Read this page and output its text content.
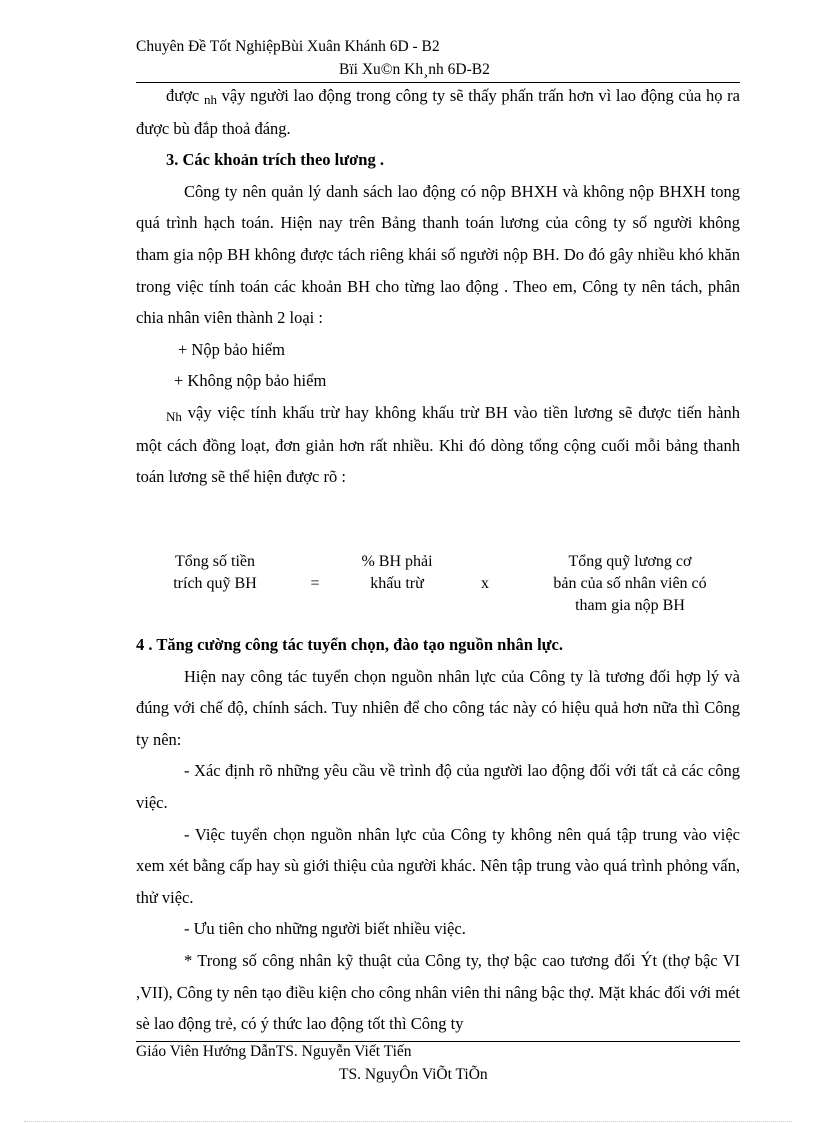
Chuyên Đề Tốt NghiệpBùi Xuân Khánh 6D - B2
Bïi Xu©n Kh¸nh 6D-B2

được nh vậy người lao động trong công ty sẽ thấy phấn trấn hơn vì lao động của họ ra được bù đắp thoả đáng.

3. Các khoản trích theo lương .

Công ty nên quản lý danh sách lao động có nộp BHXH và không nộp BHXH tong quá trình hạch toán. Hiện nay trên Bảng thanh toán lương của công ty số người không tham gia nộp BH không được tách riêng khái số người nộp BH. Do đó gây nhiều khó khăn trong việc tính toán các khoản BH cho từng lao động . Theo em, Công ty nên tách, phân chia nhân viên thành 2 loại :

+ Nộp bảo hiểm

+ Không nộp bảo hiểm

Nh vậy việc tính khấu trừ hay không khấu trừ BH vào tiền lương sẽ được tiến hành một cách đồng loạt, đơn giản hơn rất nhiều. Khi đó dòng tổng cộng cuối mỗi bảng thanh toán lương sẽ thể hiện được rõ :

Tổng số tiền
trích quỹ BH	=
% BH phải
khấu trừ	x
Tổng quỹ lương cơ
bản của số nhân viên có
tham gia nộp BH

4 . Tăng cường công tác tuyển chọn, đào tạo nguồn nhân lực.

Hiện nay công tác tuyển chọn nguồn nhân lực của Công ty là tương đối hợp lý và đúng với chế độ, chính sách. Tuy nhiên để cho công tác này có hiệu quả hơn nữa thì Công ty nên:

- Xác định rõ những yêu cầu về trình độ của người lao động đối với tất cả các công việc.

- Việc tuyển chọn nguồn nhân lực của Công ty không nên quá tập trung vào việc xem xét bằng cấp hay sù giới thiệu của người khác. Nên tập trung vào quá trình phỏng vấn, thử việc.

- Ưu tiên cho những người biết nhiều việc.

* Trong số công nhân kỹ thuật của Công ty, thợ bậc cao tương đối Ýt (thợ bậc VI ,VII), Công ty nên tạo điều kiện cho công nhân viên thi nâng bậc thợ. Mặt khác đối với mét sè lao động trẻ, có ý thức lao động tốt thì Công ty

Giáo Viên Hướng DẫnTS. Nguyễn Viết Tiến
TS. NguyÔn ViÕt TiÕn
